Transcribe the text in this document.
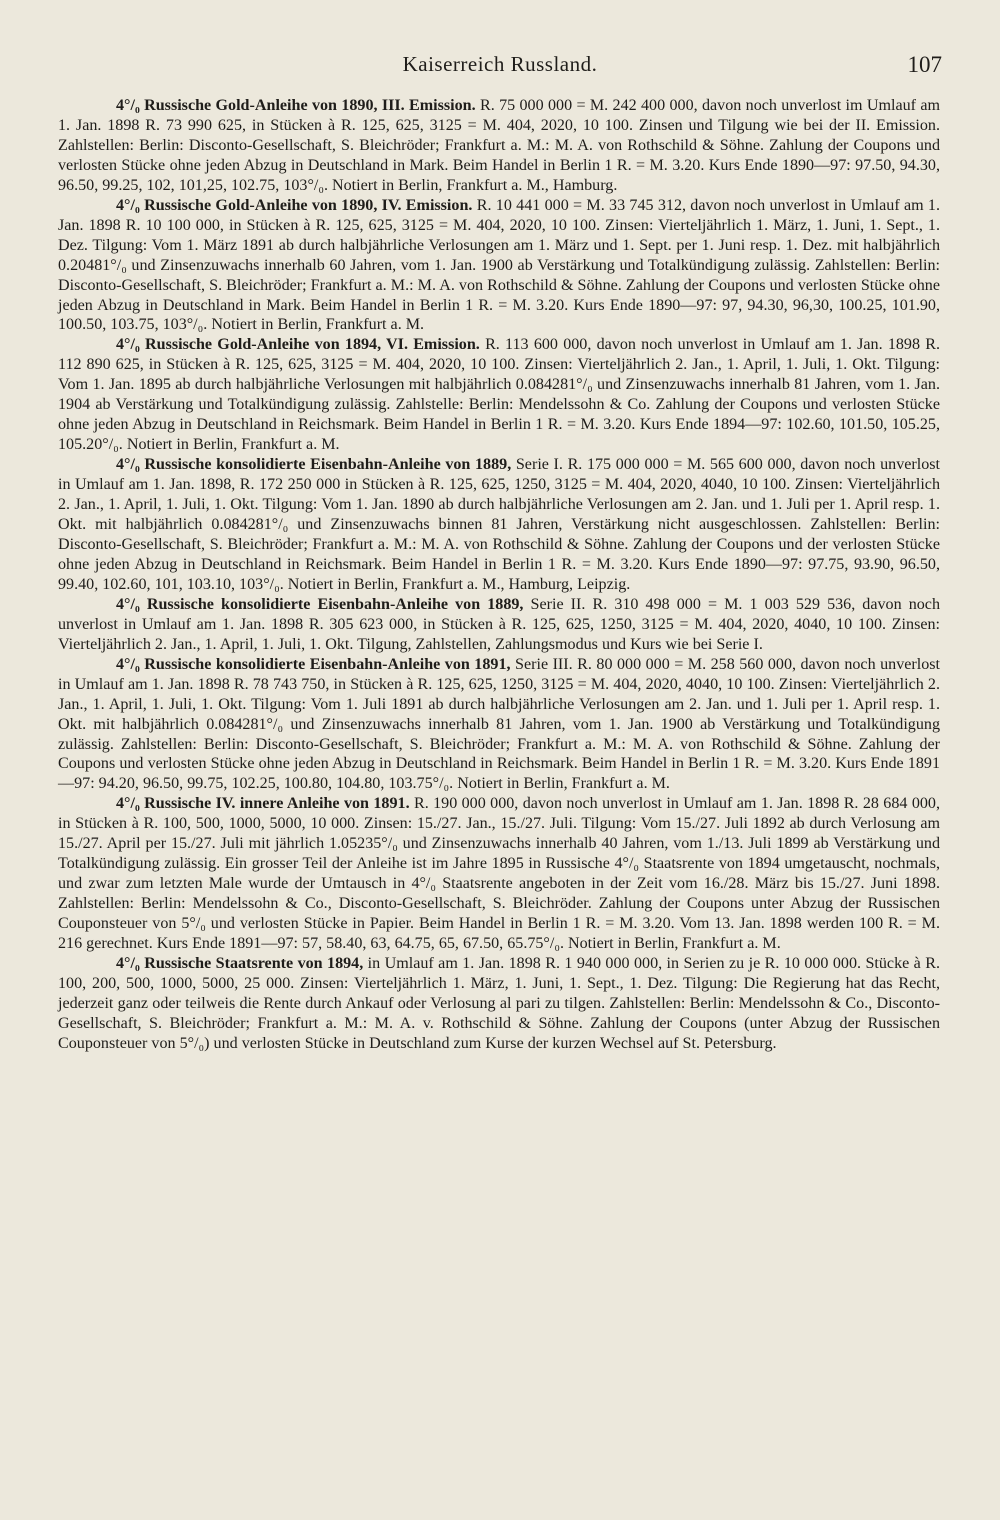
Kaiserreich Russland.	107

4°/₀ Russische Gold-Anleihe von 1890, III. Emission. R. 75 000 000 = M. 242 400 000, davon noch unverlost im Umlauf am 1. Jan. 1898 R. 73 990 625, in Stücken à R. 125, 625, 3125 = M. 404, 2020, 10 100. Zinsen und Tilgung wie bei der II. Emission. Zahlstellen: Berlin: Disconto-Gesellschaft, S. Bleichröder; Frankfurt a. M.: M. A. von Rothschild & Söhne. Zahlung der Coupons und verlosten Stücke ohne jeden Abzug in Deutschland in Mark. Beim Handel in Berlin 1 R. = M. 3.20. Kurs Ende 1890—97: 97.50, 94.30, 96.50, 99.25, 102, 101,25, 102.75, 103°/₀. Notiert in Berlin, Frankfurt a. M., Hamburg.

4°/₀ Russische Gold-Anleihe von 1890, IV. Emission. R. 10 441 000 = M. 33 745 312, davon noch unverlost in Umlauf am 1. Jan. 1898 R. 10 100 000, in Stücken à R. 125, 625, 3125 = M. 404, 2020, 10 100. Zinsen: Vierteljährlich 1. März, 1. Juni, 1. Sept., 1. Dez. Tilgung: Vom 1. März 1891 ab durch halbjährliche Verlosungen am 1. März und 1. Sept. per 1. Juni resp. 1. Dez. mit halbjährlich 0.20481°/₀ und Zinsenzuwachs innerhalb 60 Jahren, vom 1. Jan. 1900 ab Verstärkung und Totalkündigung zulässig. Zahlstellen: Berlin: Disconto-Gesellschaft, S. Bleichröder; Frankfurt a. M.: M. A. von Rothschild & Söhne. Zahlung der Coupons und verlosten Stücke ohne jeden Abzug in Deutschland in Mark. Beim Handel in Berlin 1 R. = M. 3.20. Kurs Ende 1890—97: 97, 94.30, 96,30, 100.25, 101.90, 100.50, 103.75, 103°/₀. Notiert in Berlin, Frankfurt a. M.

4°/₀ Russische Gold-Anleihe von 1894, VI. Emission. R. 113 600 000, davon noch unverlost in Umlauf am 1. Jan. 1898 R. 112 890 625, in Stücken à R. 125, 625, 3125 = M. 404, 2020, 10 100. Zinsen: Vierteljährlich 2. Jan., 1. April, 1. Juli, 1. Okt. Tilgung: Vom 1. Jan. 1895 ab durch halbjährliche Verlosungen mit halbjährlich 0.084281°/₀ und Zinsenzuwachs innerhalb 81 Jahren, vom 1. Jan. 1904 ab Verstärkung und Totalkündigung zulässig. Zahlstelle: Berlin: Mendelssohn & Co. Zahlung der Coupons und verlosten Stücke ohne jeden Abzug in Deutschland in Reichsmark. Beim Handel in Berlin 1 R. = M. 3.20. Kurs Ende 1894—97: 102.60, 101.50, 105.25, 105.20°/₀. Notiert in Berlin, Frankfurt a. M.

4°/₀ Russische konsolidierte Eisenbahn-Anleihe von 1889, Serie I. R. 175 000 000 = M. 565 600 000, davon noch unverlost in Umlauf am 1. Jan. 1898, R. 172 250 000 in Stücken à R. 125, 625, 1250, 3125 = M. 404, 2020, 4040, 10 100. Zinsen: Vierteljährlich 2. Jan., 1. April, 1. Juli, 1. Okt. Tilgung: Vom 1. Jan. 1890 ab durch halbjährliche Verlosungen am 2. Jan. und 1. Juli per 1. April resp. 1. Okt. mit halbjährlich 0.084281°/₀ und Zinsenzuwachs binnen 81 Jahren, Verstärkung nicht ausgeschlossen. Zahlstellen: Berlin: Disconto-Gesellschaft, S. Bleichröder; Frankfurt a. M.: M. A. von Rothschild & Söhne. Zahlung der Coupons und der verlosten Stücke ohne jeden Abzug in Deutschland in Reichsmark. Beim Handel in Berlin 1 R. = M. 3.20. Kurs Ende 1890—97: 97.75, 93.90, 96.50, 99.40, 102.60, 101, 103.10, 103°/₀. Notiert in Berlin, Frankfurt a. M., Hamburg, Leipzig.

4°/₀ Russische konsolidierte Eisenbahn-Anleihe von 1889, Serie II. R. 310 498 000 = M. 1 003 529 536, davon noch unverlost in Umlauf am 1. Jan. 1898 R. 305 623 000, in Stücken à R. 125, 625, 1250, 3125 = M. 404, 2020, 4040, 10 100. Zinsen: Vierteljährlich 2. Jan., 1. April, 1. Juli, 1. Okt. Tilgung, Zahlstellen, Zahlungsmodus und Kurs wie bei Serie I.

4°/₀ Russische konsolidierte Eisenbahn-Anleihe von 1891, Serie III. R. 80 000 000 = M. 258 560 000, davon noch unverlost in Umlauf am 1. Jan. 1898 R. 78 743 750, in Stücken à R. 125, 625, 1250, 3125 = M. 404, 2020, 4040, 10 100. Zinsen: Vierteljährlich 2. Jan., 1. April, 1. Juli, 1. Okt. Tilgung: Vom 1. Juli 1891 ab durch halbjährliche Verlosungen am 2. Jan. und 1. Juli per 1. April resp. 1. Okt. mit halbjährlich 0.084281°/₀ und Zinsenzuwachs innerhalb 81 Jahren, vom 1. Jan. 1900 ab Verstärkung und Totalkündigung zulässig. Zahlstellen: Berlin: Disconto-Gesellschaft, S. Bleichröder; Frankfurt a. M.: M. A. von Rothschild & Söhne. Zahlung der Coupons und verlosten Stücke ohne jeden Abzug in Deutschland in Reichsmark. Beim Handel in Berlin 1 R. = M. 3.20. Kurs Ende 1891—97: 94.20, 96.50, 99.75, 102.25, 100.80, 104.80, 103.75°/₀. Notiert in Berlin, Frankfurt a. M.

4°/₀ Russische IV. innere Anleihe von 1891. R. 190 000 000, davon noch unverlost in Umlauf am 1. Jan. 1898 R. 28 684 000, in Stücken à R. 100, 500, 1000, 5000, 10 000. Zinsen: 15./27. Jan., 15./27. Juli. Tilgung: Vom 15./27. Juli 1892 ab durch Verlosung am 15./27. April per 15./27. Juli mit jährlich 1.05235°/₀ und Zinsenzuwachs innerhalb 40 Jahren, vom 1./13. Juli 1899 ab Verstärkung und Totalkündigung zulässig. Ein grosser Teil der Anleihe ist im Jahre 1895 in Russische 4°/₀ Staatsrente von 1894 umgetauscht, nochmals, und zwar zum letzten Male wurde der Umtausch in 4°/₀ Staatsrente angeboten in der Zeit vom 16./28. März bis 15./27. Juni 1898. Zahlstellen: Berlin: Mendelssohn & Co., Disconto-Gesellschaft, S. Bleichröder. Zahlung der Coupons unter Abzug der Russischen Couponsteuer von 5°/₀ und verlosten Stücke in Papier. Beim Handel in Berlin 1 R. = M. 3.20. Vom 13. Jan. 1898 werden 100 R. = M. 216 gerechnet. Kurs Ende 1891—97: 57, 58.40, 63, 64.75, 65, 67.50, 65.75°/₀. Notiert in Berlin, Frankfurt a. M.

4°/₀ Russische Staatsrente von 1894, in Umlauf am 1. Jan. 1898 R. 1 940 000 000, in Serien zu je R. 10 000 000. Stücke à R. 100, 200, 500, 1000, 5000, 25 000. Zinsen: Vierteljährlich 1. März, 1. Juni, 1. Sept., 1. Dez. Tilgung: Die Regierung hat das Recht, jederzeit ganz oder teilweis die Rente durch Ankauf oder Verlosung al pari zu tilgen. Zahlstellen: Berlin: Mendelssohn & Co., Disconto-Gesellschaft, S. Bleichröder; Frankfurt a. M.: M. A. v. Rothschild & Söhne. Zahlung der Coupons (unter Abzug der Russischen Couponsteuer von 5°/₀) und verlosten Stücke in Deutschland zum Kurse der kurzen Wechsel auf St. Petersburg.
